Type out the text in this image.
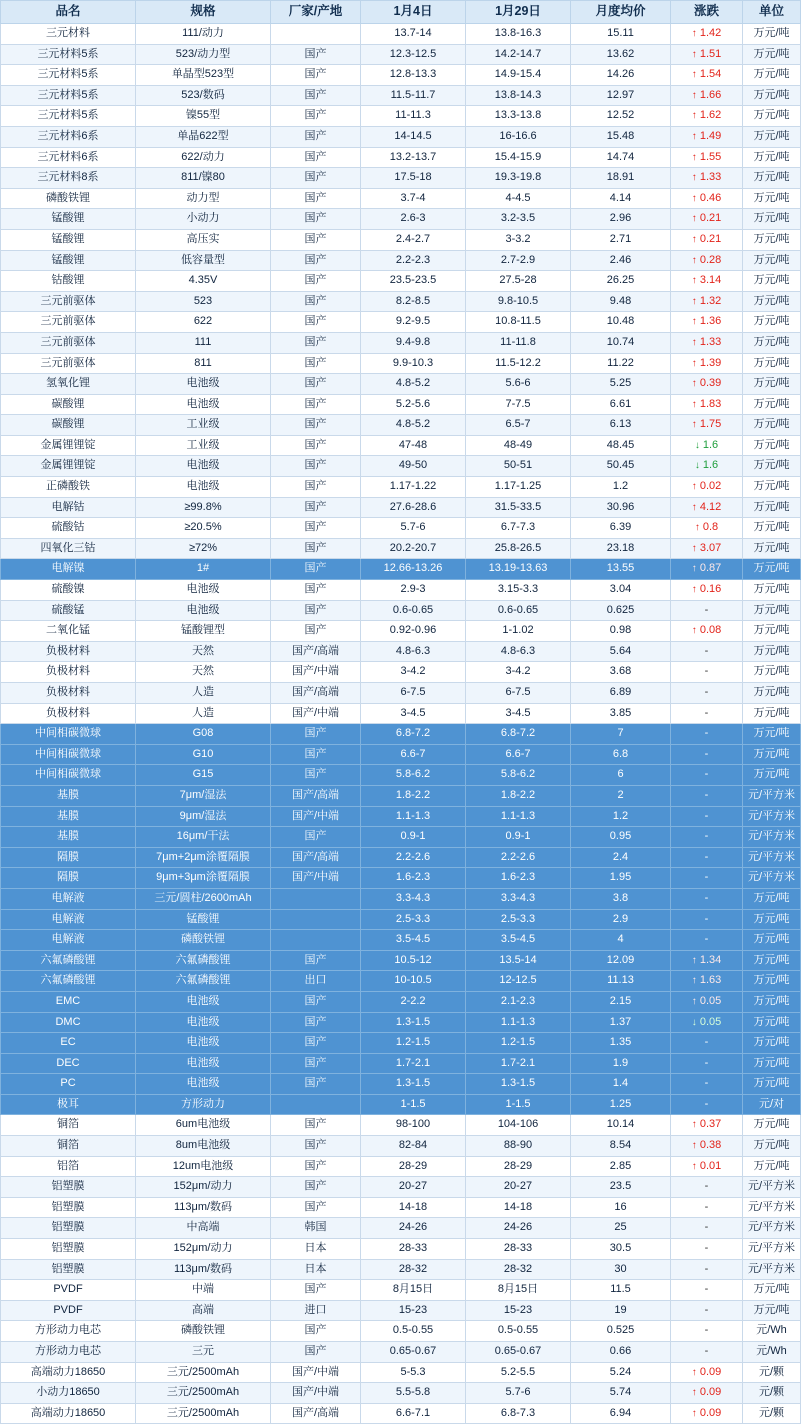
品名	规格	厂家/产地	1月4日	1月29日	月度均价	涨跌	单位
三元材料	111/动力		13.7-14	13.8-16.3	15.11	↑ 1.42	万元/吨
三元材料5系	523/动力型	国产	12.3-12.5	14.2-14.7	13.62	↑ 1.51	万元/吨
三元材料5系	单晶型523型	国产	12.8-13.3	14.9-15.4	14.26	↑ 1.54	万元/吨
三元材料5系	523/数码	国产	11.5-11.7	13.8-14.3	12.97	↑ 1.66	万元/吨
三元材料5系	镍55型	国产	11-11.3	13.3-13.8	12.52	↑ 1.62	万元/吨
三元材料6系	单晶622型	国产	14-14.5	16-16.6	15.48	↑ 1.49	万元/吨
三元材料6系	622/动力	国产	13.2-13.7	15.4-15.9	14.74	↑ 1.55	万元/吨
三元材料8系	811/镍80	国产	17.5-18	19.3-19.8	18.91	↑ 1.33	万元/吨
磷酸铁锂	动力型	国产	3.7-4	4-4.5	4.14	↑ 0.46	万元/吨
锰酸锂	小动力	国产	2.6-3	3.2-3.5	2.96	↑ 0.21	万元/吨
锰酸锂	高压实	国产	2.4-2.7	3-3.2	2.71	↑ 0.21	万元/吨
锰酸锂	低容量型	国产	2.2-2.3	2.7-2.9	2.46	↑ 0.28	万元/吨
钴酸锂	4.35V	国产	23.5-23.5	27.5-28	26.25	↑ 3.14	万元/吨
三元前驱体	523	国产	8.2-8.5	9.8-10.5	9.48	↑ 1.32	万元/吨
三元前驱体	622	国产	9.2-9.5	10.8-11.5	10.48	↑ 1.36	万元/吨
三元前驱体	111	国产	9.4-9.8	11-11.8	10.74	↑ 1.33	万元/吨
三元前驱体	811	国产	9.9-10.3	11.5-12.2	11.22	↑ 1.39	万元/吨
氢氧化锂	电池级	国产	4.8-5.2	5.6-6	5.25	↑ 0.39	万元/吨
碳酸锂	电池级	国产	5.2-5.6	7-7.5	6.61	↑ 1.83	万元/吨
碳酸锂	工业级	国产	4.8-5.2	6.5-7	6.13	↑ 1.75	万元/吨
金属锂锂锭	工业级	国产	47-48	48-49	48.45	↓ 1.6	万元/吨
金属锂锂锭	电池级	国产	49-50	50-51	50.45	↓ 1.6	万元/吨
正磷酸铁	电池级	国产	1.17-1.22	1.17-1.25	1.2	↑ 0.02	万元/吨
电解钴	≥99.8%	国产	27.6-28.6	31.5-33.5	30.96	↑ 4.12	万元/吨
硫酸钴	≥20.5%	国产	5.7-6	6.7-7.3	6.39	↑ 0.8	万元/吨
四氧化三钴	≥72%	国产	20.2-20.7	25.8-26.5	23.18	↑ 3.07	万元/吨
电解镍	1#	国产	12.66-13.26	13.19-13.63	13.55	↑ 0.87	万元/吨
硫酸镍	电池级	国产	2.9-3	3.15-3.3	3.04	↑ 0.16	万元/吨
硫酸锰	电池级	国产	0.6-0.65	0.6-0.65	0.625	-	万元/吨
二氧化锰	锰酸锂型	国产	0.92-0.96	1-1.02	0.98	↑ 0.08	万元/吨
负极材料	天然	国产/高端	4.8-6.3	4.8-6.3	5.64	-	万元/吨
负极材料	天然	国产/中端	3-4.2	3-4.2	3.68	-	万元/吨
负极材料	人造	国产/高端	6-7.5	6-7.5	6.89	-	万元/吨
负极材料	人造	国产/中端	3-4.5	3-4.5	3.85	-	万元/吨
中间相碳微球	G08	国产	6.8-7.2	6.8-7.2	7	-	万元/吨
中间相碳微球	G10	国产	6.6-7	6.6-7	6.8	-	万元/吨
中间相碳微球	G15	国产	5.8-6.2	5.8-6.2	6	-	万元/吨
基膜	7μm/湿法	国产/高端	1.8-2.2	1.8-2.2	2	-	元/平方米
基膜	9μm/湿法	国产/中端	1.1-1.3	1.1-1.3	1.2	-	元/平方米
基膜	16μm/干法	国产	0.9-1	0.9-1	0.95	-	元/平方米
隔膜	7μm+2μm涂覆隔膜	国产/高端	2.2-2.6	2.2-2.6	2.4	-	元/平方米
隔膜	9μm+3μm涂覆隔膜	国产/中端	1.6-2.3	1.6-2.3	1.95	-	元/平方米
电解液	三元/圆柱/2600mAh		3.3-4.3	3.3-4.3	3.8	-	万元/吨
电解液	锰酸锂		2.5-3.3	2.5-3.3	2.9	-	万元/吨
电解液	磷酸铁锂		3.5-4.5	3.5-4.5	4	-	万元/吨
六氟磷酸锂	六氟磷酸锂	国产	10.5-12	13.5-14	12.09	↑ 1.34	万元/吨
六氟磷酸锂	六氟磷酸锂	出口	10-10.5	12-12.5	11.13	↑ 1.63	万元/吨
EMC	电池级	国产	2-2.2	2.1-2.3	2.15	↑ 0.05	万元/吨
DMC	电池级	国产	1.3-1.5	1.1-1.3	1.37	↓ 0.05	万元/吨
EC	电池级	国产	1.2-1.5	1.2-1.5	1.35	-	万元/吨
DEC	电池级	国产	1.7-2.1	1.7-2.1	1.9	-	万元/吨
PC	电池级	国产	1.3-1.5	1.3-1.5	1.4	-	万元/吨
极耳	方形动力		1-1.5	1-1.5	1.25	-	元/对
铜箔	6um电池级	国产	98-100	104-106	10.14	↑ 0.37	万元/吨
铜箔	8um电池级	国产	82-84	88-90	8.54	↑ 0.38	万元/吨
铝箔	12um电池级	国产	28-29	28-29	2.85	↑ 0.01	万元/吨
铝塑膜	152μm/动力	国产	20-27	20-27	23.5	-	元/平方米
铝塑膜	113μm/数码	国产	14-18	14-18	16	-	元/平方米
铝塑膜	中高端	韩国	24-26	24-26	25	-	元/平方米
铝塑膜	152μm/动力	日本	28-33	28-33	30.5	-	元/平方米
铝塑膜	113μm/数码	日本	28-32	28-32	30	-	元/平方米
PVDF	中端	国产	8月15日	8月15日	11.5	-	万元/吨
PVDF	高端	进口	15-23	15-23	19	-	万元/吨
方形动力电芯	磷酸铁锂	国产	0.5-0.55	0.5-0.55	0.525	-	元/Wh
方形动力电芯	三元	国产	0.65-0.67	0.65-0.67	0.66	-	元/Wh
高端动力18650	三元/2500mAh	国产/中端	5-5.3	5.2-5.5	5.24	↑ 0.09	元/颗
小动力18650	三元/2500mAh	国产/中端	5.5-5.8	5.7-6	5.74	↑ 0.09	元/颗
高端动力18650	三元/2500mAh	国产/高端	6.6-7.1	6.8-7.3	6.94	↑ 0.09	元/颗
